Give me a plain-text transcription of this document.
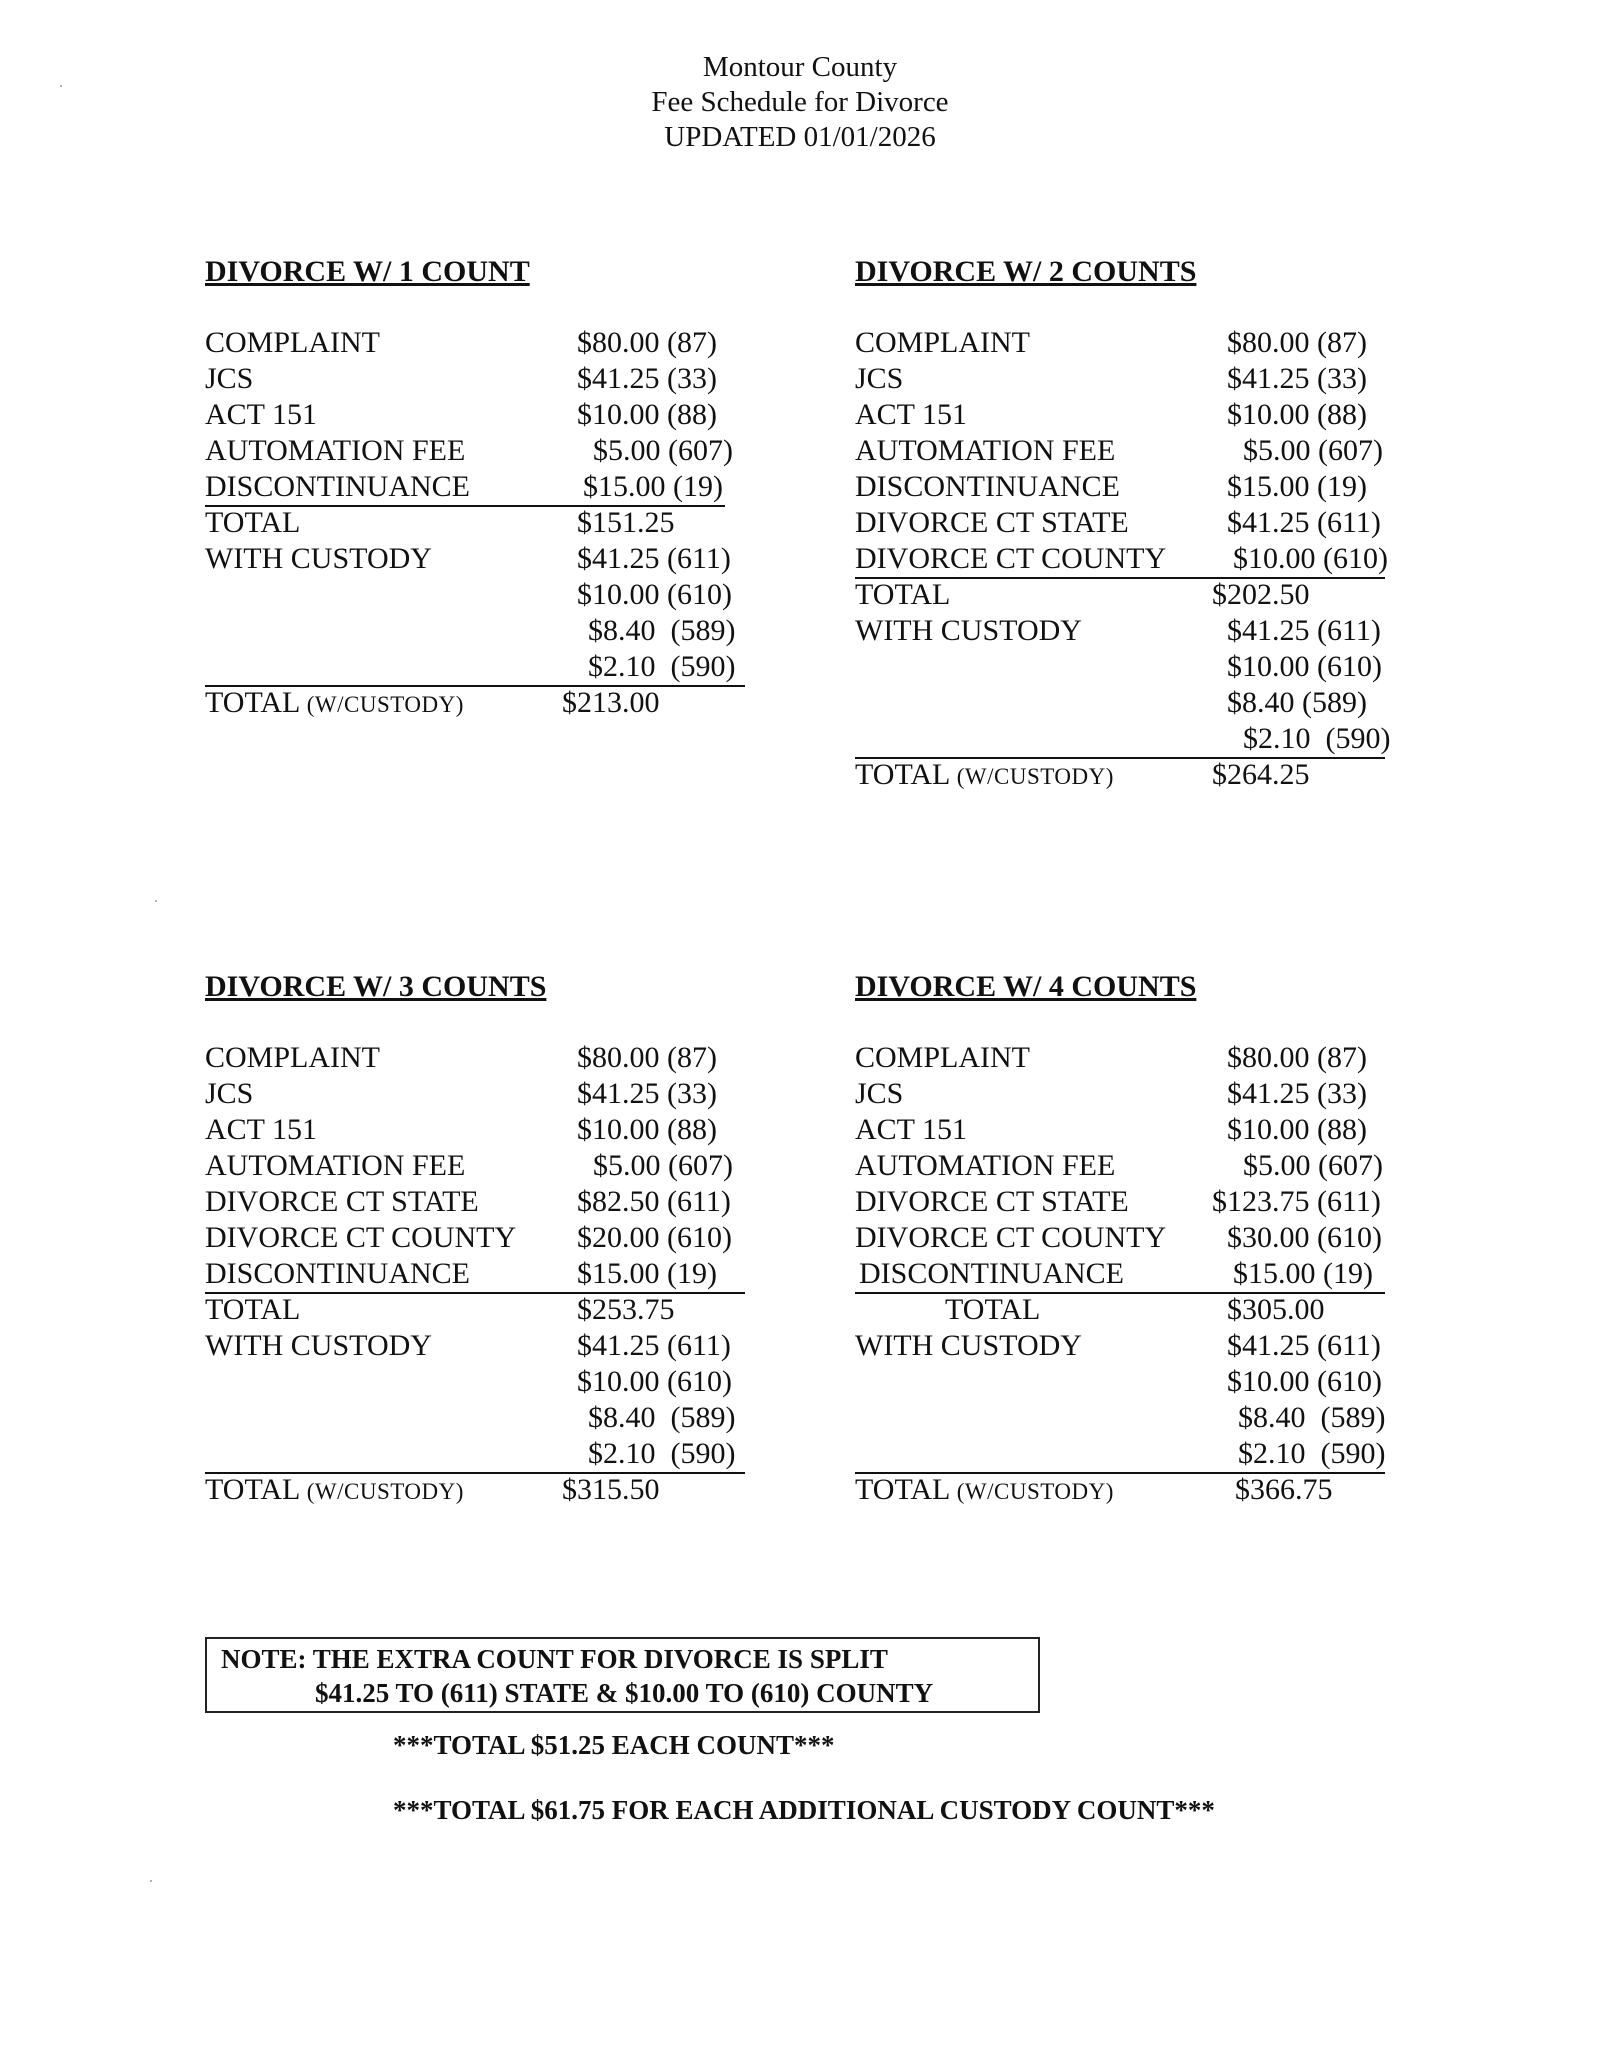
Montour County
Fee Schedule for Divorce
UPDATED 01/01/2026
DIVORCE W/ 1 COUNT
COMPLAINT	$80.00 (87)
JCS	$41.25 (33)
ACT 151	$10.00 (88)
AUTOMATION FEE	$5.00 (607)
DISCONTINUANCE	$15.00 (19)
TOTAL	$151.25
WITH CUSTODY	$41.25 (611)
$10.00 (610)
$8.40  (589)
$2.10  (590)
TOTAL (W/CUSTODY)	$213.00
DIVORCE W/ 2 COUNTS
COMPLAINT	$80.00 (87)
JCS	$41.25 (33)
ACT 151	$10.00 (88)
AUTOMATION FEE	$5.00 (607)
DISCONTINUANCE	$15.00 (19)
DIVORCE CT STATE	$41.25 (611)
DIVORCE CT COUNTY $10.00 (610)
TOTAL	$202.50
WITH CUSTODY	$41.25 (611)
$10.00 (610)
$8.40 (589)
$2.10  (590)
TOTAL (W/CUSTODY)	$264.25
DIVORCE W/ 3 COUNTS
COMPLAINT	$80.00 (87)
JCS	$41.25 (33)
ACT 151	$10.00 (88)
AUTOMATION FEE	$5.00 (607)
DIVORCE CT STATE	$82.50 (611)
DIVORCE CT COUNTY $20.00 (610)
DISCONTINUANCE	$15.00 (19)
TOTAL	$253.75
WITH CUSTODY	$41.25 (611)
$10.00 (610)
$8.40  (589)
$2.10  (590)
TOTAL (W/CUSTODY)	$315.50
DIVORCE W/ 4 COUNTS
COMPLAINT	$80.00 (87)
JCS	$41.25 (33)
ACT 151	$10.00 (88)
AUTOMATION FEE	$5.00 (607)
DIVORCE CT STATE	$123.75 (611)
DIVORCE CT COUNTY $30.00 (610)
DISCONTINUANCE	$15.00 (19)
TOTAL	$305.00
WITH CUSTODY	$41.25 (611)
$10.00 (610)
$8.40  (589)
$2.10  (590)
TOTAL (W/CUSTODY)	$366.75
NOTE: THE EXTRA COUNT FOR DIVORCE IS SPLIT
$41.25 TO (611) STATE & $10.00 TO (610) COUNTY
***TOTAL $51.25 EACH COUNT***
***TOTAL $61.75 FOR EACH ADDITIONAL CUSTODY COUNT***
